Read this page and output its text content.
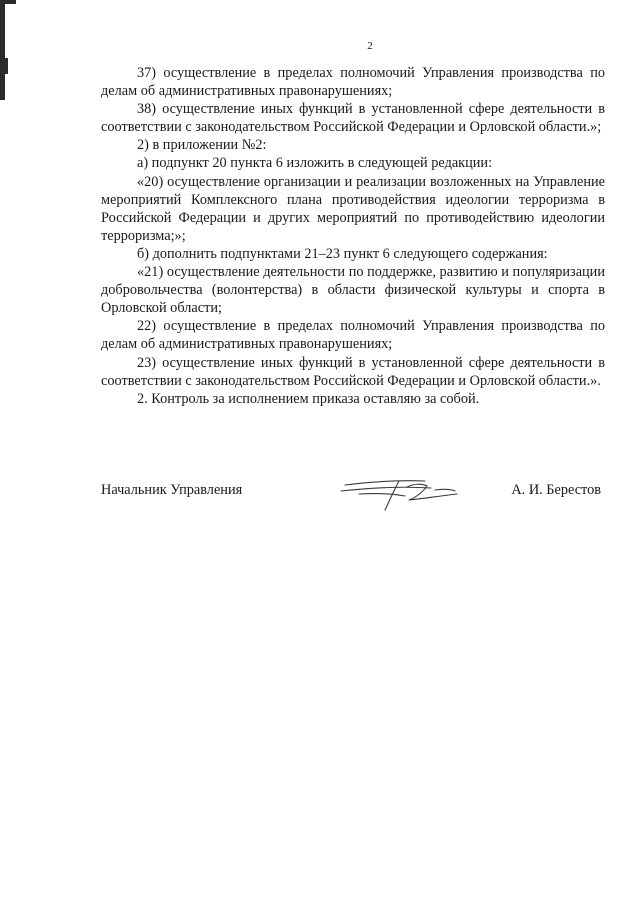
2

37) осуществление в пределах полномочий Управления производства по делам об административных правонарушениях;

38) осуществление иных функций в установленной сфере деятельности в соответствии с законодательством Российской Федерации и Орловской области.»;

2) в приложении №2:

а) подпункт 20 пункта 6 изложить в следующей редакции:

«20) осуществление организации и реализации возложенных на Управление мероприятий Комплексного плана противодействия идеологии терроризма в Российской Федерации и других мероприятий по противодействию идеологии терроризма;»;

б) дополнить подпунктами 21–23 пункт 6 следующего содержания:

«21) осуществление деятельности по поддержке, развитию и популяризации добровольчества (волонтерства) в области физической культуры и спорта в Орловской области;

22) осуществление в пределах полномочий Управления производства по делам об административных правонарушениях;

23) осуществление иных функций в установленной сфере деятельности в соответствии с законодательством Российской Федерации и Орловской области.».

2. Контроль за исполнением приказа оставляю за собой.

Начальник Управления	А. И. Берестов
